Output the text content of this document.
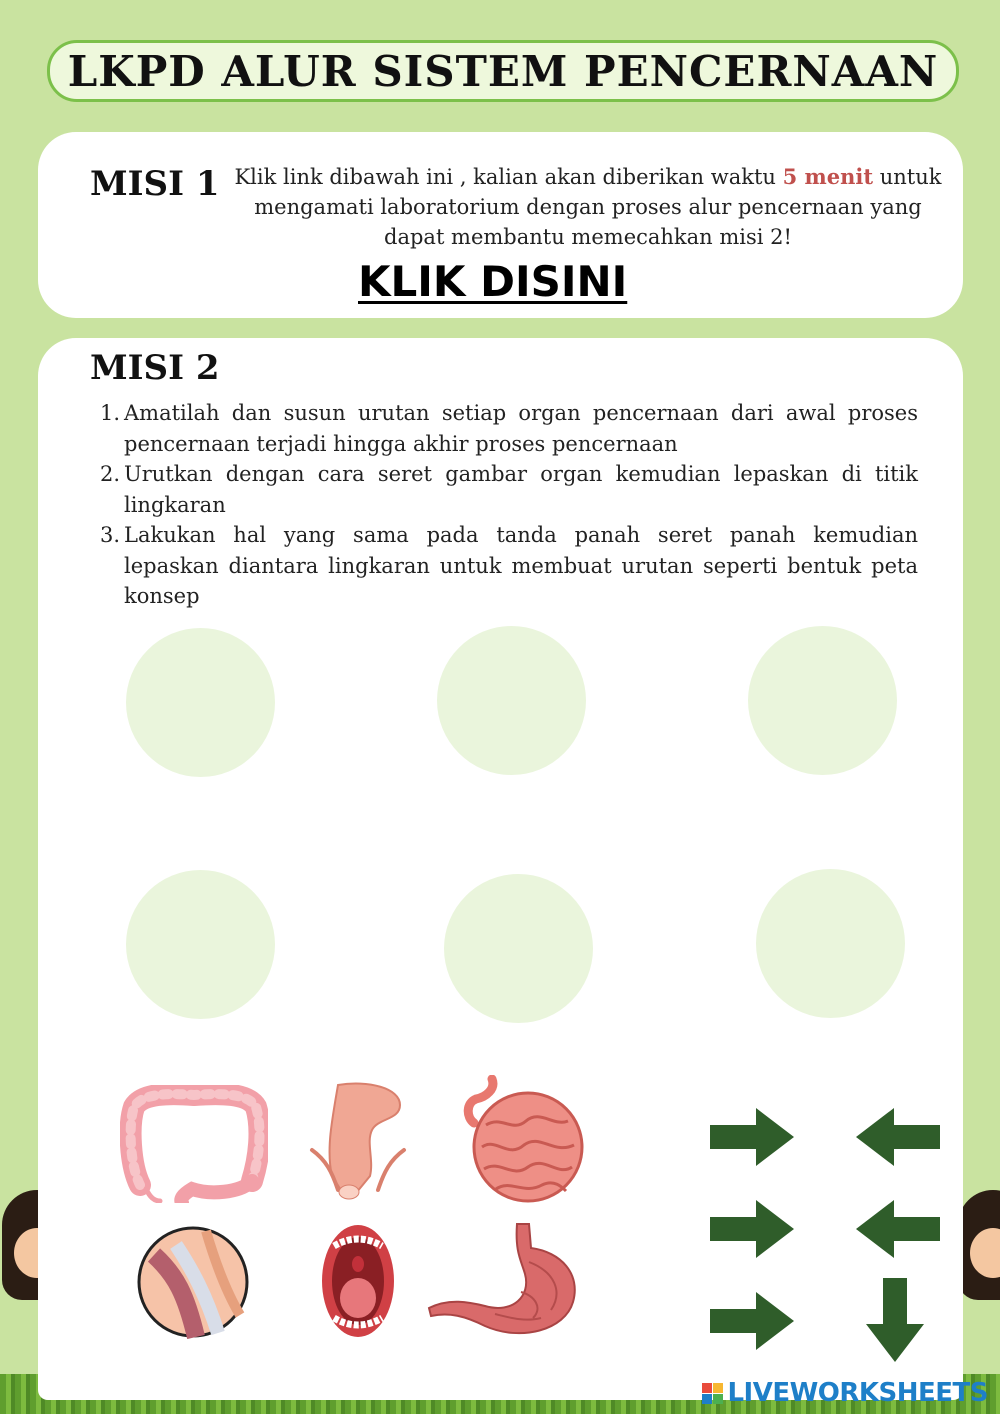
LKPD ALUR SISTEM PENCERNAAN
MISI 1 Klik link dibawah ini , kalian akan diberikan waktu 5 menit untuk mengamati laboratorium dengan proses alur pencernaan yang dapat membantu memecahkan misi 2!
KLIK DISINI
MISI 2
1. Amatilah dan susun urutan setiap organ pencernaan dari awal proses pencernaan terjadi hingga akhir proses pencernaan
2. Urutkan dengan cara seret gambar organ kemudian lepaskan di titik lingkaran
3. Lakukan hal yang sama pada tanda panah seret panah kemudian lepaskan diantara lingkaran untuk membuat urutan seperti bentuk peta konsep
LIVEWORKSHEETS
